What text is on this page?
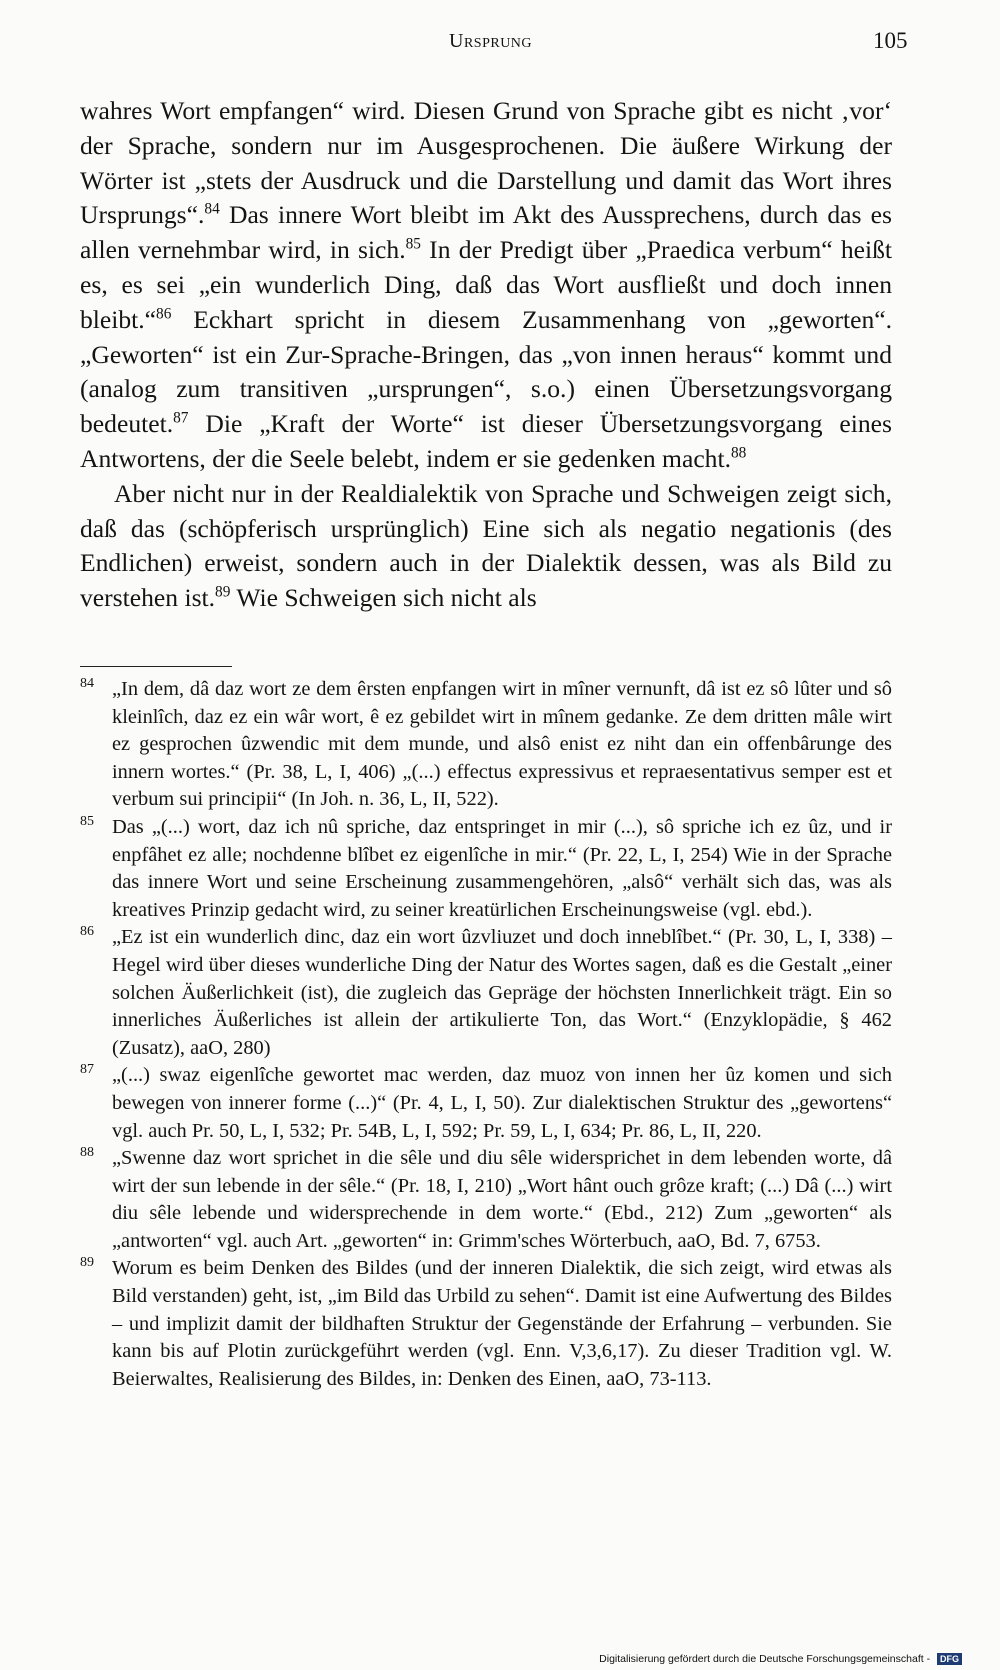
Ursprung	105

wahres Wort empfangen“ wird. Diesen Grund von Sprache gibt es nicht ‚vor‘ der Sprache, sondern nur im Ausgesprochenen. Die äußere Wirkung der Wörter ist „stets der Ausdruck und die Darstellung und damit das Wort ihres Ursprungs“.$^{84}$ Das innere Wort bleibt im Akt des Aussprechens, durch das es allen vernehmbar wird, in sich.$^{85}$ In der Predigt über „Praedica verbum“ heißt es, es sei „ein wunderlich Ding, daß das Wort ausfließt und doch innen bleibt.“$^{86}$ Eckhart spricht in diesem Zusammenhang von „geworten“. „Geworten“ ist ein Zur-Sprache-Bringen, das „von innen heraus“ kommt und (analog zum transitiven „ursprungen“, s.o.) einen Übersetzungsvorgang bedeutet.$^{87}$ Die „Kraft der Worte“ ist dieser Übersetzungsvorgang eines Antwortens, der die Seele belebt, indem er sie gedenken macht.$^{88}$

Aber nicht nur in der Realdialektik von Sprache und Schweigen zeigt sich, daß das (schöpferisch ursprünglich) Eine sich als negatio negationis (des Endlichen) erweist, sondern auch in der Dialektik dessen, was als Bild zu verstehen ist.$^{89}$ Wie Schweigen sich nicht als

84 „In dem, dâ daz wort ze dem êrsten enpfangen wirt in mîner vernunft, dâ ist ez sô lûter und sô kleinlîch, daz ez ein wâr wort, ê ez gebildet wirt in mînem gedanke. Ze dem dritten mâle wirt ez gesprochen ûzwendic mit dem munde, und alsô enist ez niht dan ein offenbârunge des innern wortes.“ (Pr. 38, L, I, 406) „(...) effectus expressivus et repraesentativus semper est et verbum sui principii“ (In Joh. n. 36, L, II, 522).
85 Das „(...) wort, daz ich nû spriche, daz entspringet in mir (...), sô spriche ich ez ûz, und ir enpfâhet ez alle; nochdenne blîbet ez eigenlîche in mir.“ (Pr. 22, L, I, 254) Wie in der Sprache das innere Wort und seine Erscheinung zusammengehören, „alsô“ verhält sich das, was als kreatives Prinzip gedacht wird, zu seiner kreatürlichen Erscheinungsweise (vgl. ebd.).
86 „Ez ist ein wunderlich dinc, daz ein wort ûzvliuzet und doch inneblîbet.“ (Pr. 30, L, I, 338) – Hegel wird über dieses wunderliche Ding der Natur des Wortes sagen, daß es die Gestalt „einer solchen Äußerlichkeit (ist), die zugleich das Gepräge der höchsten Innerlichkeit trägt. Ein so innerliches Äußerliches ist allein der artikulierte Ton, das Wort.“ (Enzyklopädie, § 462 (Zusatz), aaO, 280)
87 „(...) swaz eigenlîche gewortet mac werden, daz muoz von innen her ûz komen und sich bewegen von innerer forme (...)“ (Pr. 4, L, I, 50). Zur dialektischen Struktur des „gewortens“ vgl. auch Pr. 50, L, I, 532; Pr. 54B, L, I, 592; Pr. 59, L, I, 634; Pr. 86, L, II, 220.
88 „Swenne daz wort sprichet in die sêle und diu sêle widersprichet in dem lebenden worte, dâ wirt der sun lebende in der sêle.“ (Pr. 18, I, 210) „Wort hânt ouch grôze kraft; (...) Dâ (...) wirt diu sêle lebende und widersprechende in dem worte.“ (Ebd., 212) Zum „geworten“ als „antworten“ vgl. auch Art. „geworten“ in: Grimm'sches Wörterbuch, aaO, Bd. 7, 6753.
89 Worum es beim Denken des Bildes (und der inneren Dialektik, die sich zeigt, wird etwas als Bild verstanden) geht, ist, „im Bild das Urbild zu sehen“. Damit ist eine Aufwertung des Bildes – und implizit damit der bildhaften Struktur der Gegenstände der Erfahrung – verbunden. Sie kann bis auf Plotin zurückgeführt werden (vgl. Enn. V,3,6,17). Zu dieser Tradition vgl. W. Beierwaltes, Realisierung des Bildes, in: Denken des Einen, aaO, 73-113.
Digitalisierung gefördert durch die Deutsche Forschungsgemeinschaft - DFG
